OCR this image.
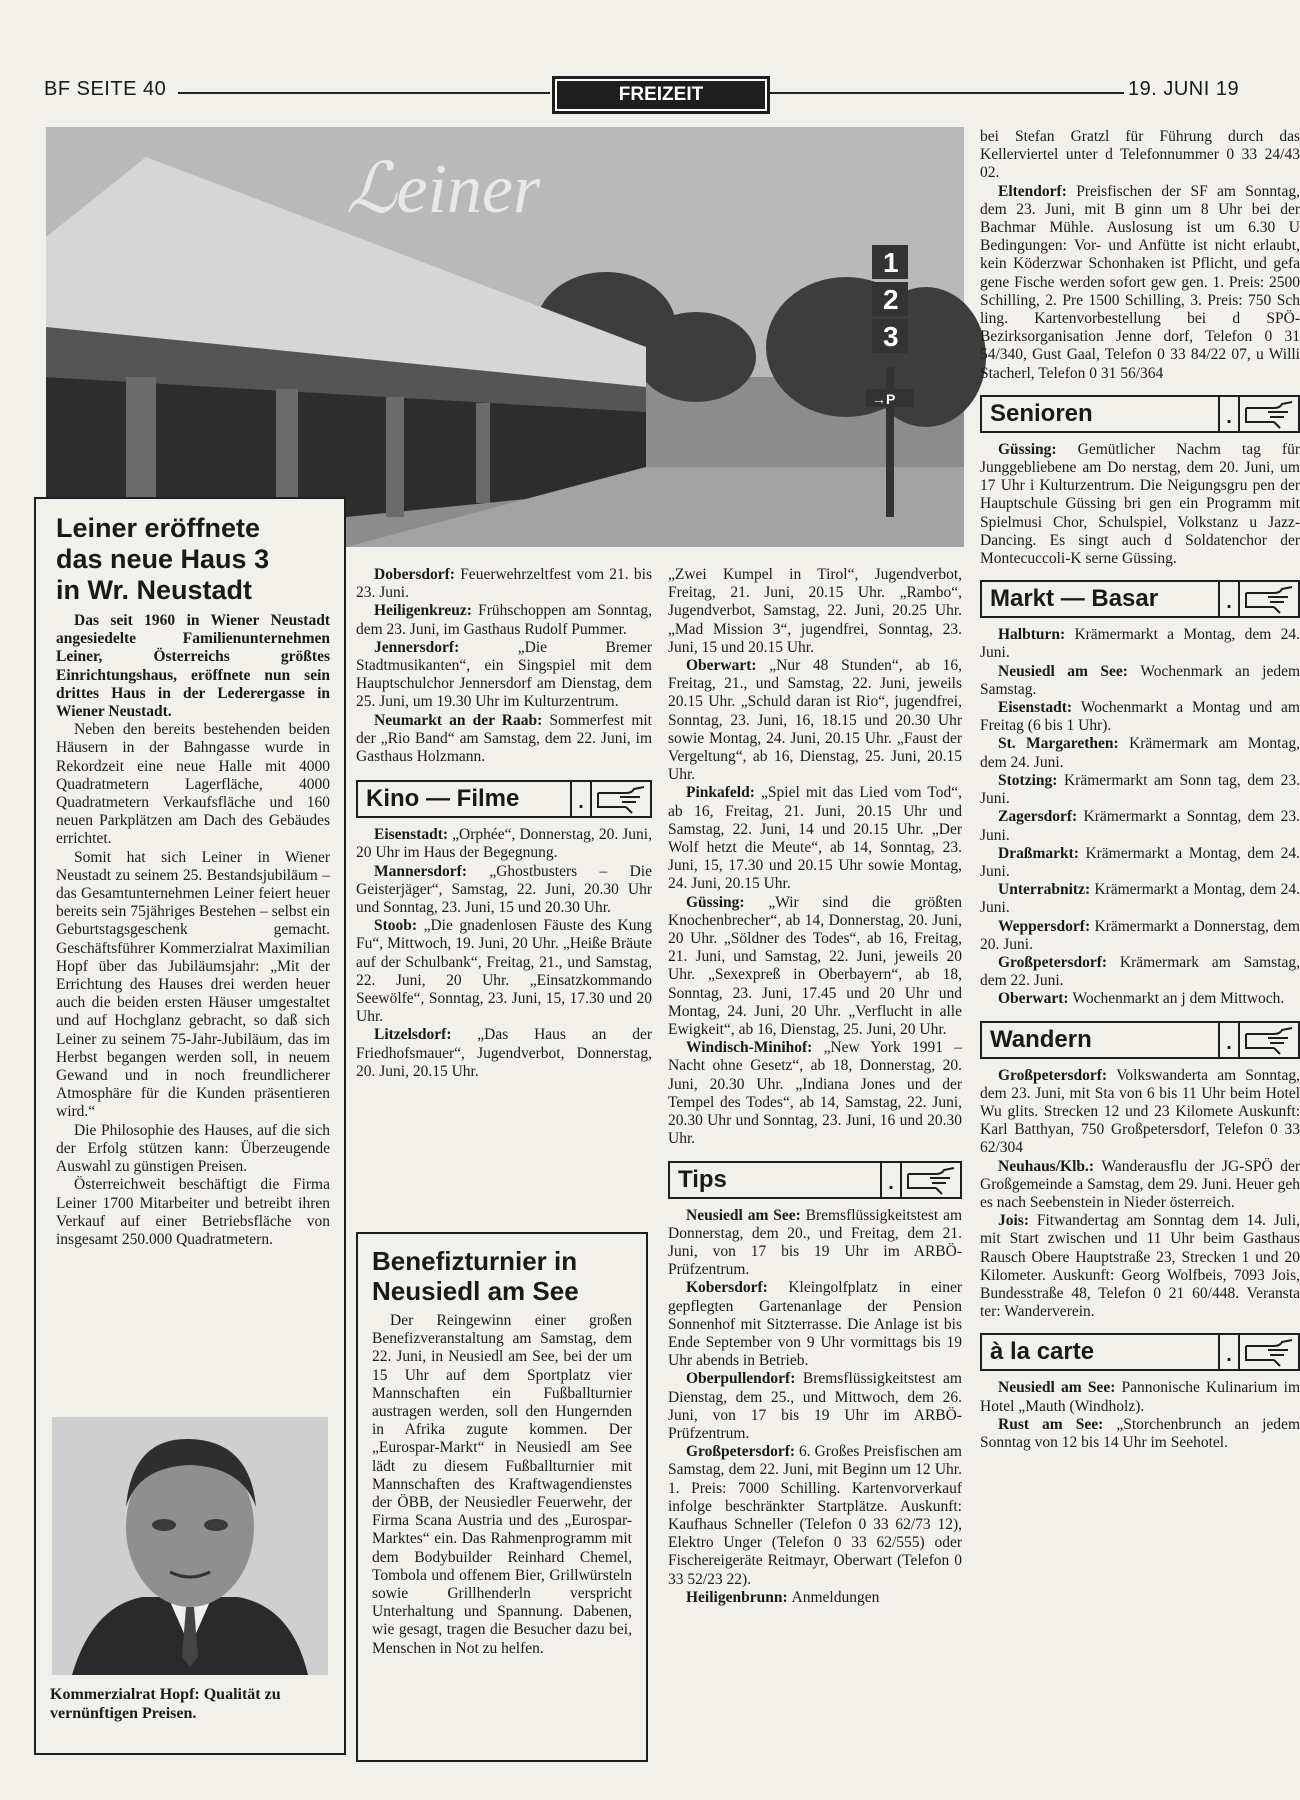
BF SEITE 40	FREIZEIT	19. JUNI 19
ℒeiner
1
2
3
→P
Leiner eröffnete
das neue Haus 3
in Wr. Neustadt

Das seit 1960 in Wiener Neustadt angesiedelte Familienunternehmen Leiner, Österreichs größtes Einrichtungshaus, eröffnete nun sein drittes Haus in der Lederergasse in Wiener Neustadt.

Neben den bereits bestehenden beiden Häusern in der Bahngasse wurde in Rekordzeit eine neue Halle mit 4000 Quadratmetern Lagerfläche, 4000 Quadratmetern Verkaufsfläche und 160 neuen Parkplätzen am Dach des Gebäudes errichtet.

Somit hat sich Leiner in Wiener Neustadt zu seinem 25. Bestandsjubiläum – das Gesamtunternehmen Leiner feiert heuer bereits sein 75jähriges Bestehen – selbst ein Geburtstagsgeschenk gemacht. Geschäftsführer Kommerzialrat Maximilian Hopf über das Jubiläumsjahr: „Mit der Errichtung des Hauses drei werden heuer auch die beiden ersten Häuser umgestaltet und auf Hochglanz gebracht, so daß sich Leiner zu seinem 75-Jahr-Jubiläum, das im Herbst begangen werden soll, in neuem Gewand und in noch freundlicherer Atmosphäre für die Kunden präsentieren wird.“

Die Philosophie des Hauses, auf die sich der Erfolg stützen kann: Überzeugende Auswahl zu günstigen Preisen.

Österreichweit beschäftigt die Firma Leiner 1700 Mitarbeiter und betreibt ihren Verkauf auf einer Betriebsfläche von insgesamt 250.000 Quadratmetern.

Kommerzialrat Hopf: Qualität zu vernünftigen Preisen.

Dobersdorf: Feuerwehrzeltfest vom 21. bis 23. Juni.

Heiligenkreuz: Frühschoppen am Sonntag, dem 23. Juni, im Gasthaus Rudolf Pummer.

Jennersdorf: „Die Bremer Stadtmusikanten“, ein Singspiel mit dem Hauptschulchor Jennersdorf am Dienstag, dem 25. Juni, um 19.30 Uhr im Kulturzentrum.

Neumarkt an der Raab: Sommerfest mit der „Rio Band“ am Samstag, dem 22. Juni, im Gasthaus Holzmann.

Kino — Filme	.

Eisenstadt: „Orphée“, Donnerstag, 20. Juni, 20 Uhr im Haus der Begegnung.

Mannersdorf: „Ghostbusters – Die Geisterjäger“, Samstag, 22. Juni, 20.30 Uhr und Sonntag, 23. Juni, 15 und 20.30 Uhr.

Stoob: „Die gnadenlosen Fäuste des Kung Fu“, Mittwoch, 19. Juni, 20 Uhr. „Heiße Bräute auf der Schulbank“, Freitag, 21., und Samstag, 22. Juni, 20 Uhr. „Einsatzkommando Seewölfe“, Sonntag, 23. Juni, 15, 17.30 und 20 Uhr.

Litzelsdorf: „Das Haus an der Friedhofsmauer“, Jugendverbot, Donnerstag, 20. Juni, 20.15 Uhr.

Benefizturnier in
Neusiedl am See

Der Reingewinn einer großen Benefizveranstaltung am Samstag, dem 22. Juni, in Neusiedl am See, bei der um 15 Uhr auf dem Sportplatz vier Mannschaften ein Fußballturnier austragen werden, soll den Hungernden in Afrika zugute kommen. Der „Eurospar-Markt“ in Neusiedl am See lädt zu diesem Fußballturnier mit Mannschaften des Kraftwagendienstes der ÖBB, der Neusiedler Feuerwehr, der Firma Scana Austria und des „Eurospar-Marktes“ ein. Das Rahmenprogramm mit dem Bodybuilder Reinhard Chemel, Tombola und offenem Bier, Grillwürsteln sowie Grillhenderln verspricht Unterhaltung und Spannung. Dabenen, wie gesagt, tragen die Besucher dazu bei, Menschen in Not zu helfen.

„Zwei Kumpel in Tirol“, Jugendverbot, Freitag, 21. Juni, 20.15 Uhr. „Rambo“, Jugendverbot, Samstag, 22. Juni, 20.25 Uhr. „Mad Mission 3“, jugendfrei, Sonntag, 23. Juni, 15 und 20.15 Uhr.

Oberwart: „Nur 48 Stunden“, ab 16, Freitag, 21., und Samstag, 22. Juni, jeweils 20.15 Uhr. „Schuld daran ist Rio“, jugendfrei, Sonntag, 23. Juni, 16, 18.15 und 20.30 Uhr sowie Montag, 24. Juni, 20.15 Uhr. „Faust der Vergeltung“, ab 16, Dienstag, 25. Juni, 20.15 Uhr.

Pinkafeld: „Spiel mit das Lied vom Tod“, ab 16, Freitag, 21. Juni, 20.15 Uhr und Samstag, 22. Juni, 14 und 20.15 Uhr. „Der Wolf hetzt die Meute“, ab 14, Sonntag, 23. Juni, 15, 17.30 und 20.15 Uhr sowie Montag, 24. Juni, 20.15 Uhr.

Güssing: „Wir sind die größten Knochenbrecher“, ab 14, Donnerstag, 20. Juni, 20 Uhr. „Söldner des Todes“, ab 16, Freitag, 21. Juni, und Samstag, 22. Juni, jeweils 20 Uhr. „Sexexpreß in Oberbayern“, ab 18, Sonntag, 23. Juni, 17.45 und 20 Uhr und Montag, 24. Juni, 20 Uhr. „Verflucht in alle Ewigkeit“, ab 16, Dienstag, 25. Juni, 20 Uhr.

Windisch-Minihof: „New York 1991 – Nacht ohne Gesetz“, ab 18, Donnerstag, 20. Juni, 20.30 Uhr. „Indiana Jones und der Tempel des Todes“, ab 14, Samstag, 22. Juni, 20.30 Uhr und Sonntag, 23. Juni, 16 und 20.30 Uhr.

Tips	.

Neusiedl am See: Bremsflüssigkeitstest am Donnerstag, dem 20., und Freitag, dem 21. Juni, von 17 bis 19 Uhr im ARBÖ-Prüfzentrum.

Kobersdorf: Kleingolfplatz in einer gepflegten Gartenanlage der Pension Sonnenhof mit Sitzterrasse. Die Anlage ist bis Ende September von 9 Uhr vormittags bis 19 Uhr abends in Betrieb.

Oberpullendorf: Bremsflüssigkeitstest am Dienstag, dem 25., und Mittwoch, dem 26. Juni, von 17 bis 19 Uhr im ARBÖ-Prüfzentrum.

Großpetersdorf: 6. Großes Preisfischen am Samstag, dem 22. Juni, mit Beginn um 12 Uhr. 1. Preis: 7000 Schilling. Kartenvorverkauf infolge beschränkter Startplätze. Auskunft: Kaufhaus Schneller (Telefon 0 33 62/73 12), Elektro Unger (Telefon 0 33 62/555) oder Fischereigeräte Reitmayr, Oberwart (Telefon 0 33 52/23 22).

Heiligenbrunn: Anmeldungen

bei Stefan Gratzl für Führung durch das Kellerviertel unter d Telefonnummer 0 33 24/43 02.

Eltendorf: Preisfischen der SF am Sonntag, dem 23. Juni, mit B ginn um 8 Uhr bei der Bachmar Mühle. Auslosung ist um 6.30 U Bedingungen: Vor- und Anfütte ist nicht erlaubt, kein Köderzwar Schonhaken ist Pflicht, und gefa gene Fische werden sofort gew gen. 1. Preis: 2500 Schilling, 2. Pre 1500 Schilling, 3. Preis: 750 Sch ling. Kartenvorbestellung bei d SPÖ-Bezirksorganisation Jenne dorf, Telefon 0 31 54/340, Gust Gaal, Telefon 0 33 84/22 07, u Willi Stacherl, Telefon 0 31 56/364

Senioren	.

Güssing: Gemütlicher Nachm tag für Junggebliebene am Do nerstag, dem 20. Juni, um 17 Uhr i Kulturzentrum. Die Neigungsgru pen der Hauptschule Güssing bri gen ein Programm mit Spielmusi Chor, Schulspiel, Volkstanz u Jazz-Dancing. Es singt auch d Soldatenchor der Montecuccoli-K serne Güssing.

Markt — Basar	.

Halbturn: Krämermarkt a Montag, dem 24. Juni.

Neusiedl am See: Wochenmark an jedem Samstag.

Eisenstadt: Wochenmarkt a Montag und am Freitag (6 bis 1 Uhr).

St. Margarethen: Krämermark am Montag, dem 24. Juni.

Stotzing: Krämermarkt am Sonn tag, dem 23. Juni.

Zagersdorf: Krämermarkt a Sonntag, dem 23. Juni.

Draßmarkt: Krämermarkt a Montag, dem 24. Juni.

Unterrabnitz: Krämermarkt a Montag, dem 24. Juni.

Weppersdorf: Krämermarkt a Donnerstag, dem 20. Juni.

Großpetersdorf: Krämermark am Samstag, dem 22. Juni.

Oberwart: Wochenmarkt an j dem Mittwoch.

Wandern	.

Großpetersdorf: Volkswanderta am Sonntag, dem 23. Juni, mit Sta von 6 bis 11 Uhr beim Hotel Wu glits. Strecken 12 und 23 Kilomete Auskunft: Karl Batthyan, 750 Großpetersdorf, Telefon 0 33 62/304

Neuhaus/Klb.: Wanderausflu der JG-SPÖ der Großgemeinde a Samstag, dem 29. Juni. Heuer geh es nach Seebenstein in Nieder österreich.

Jois: Fitwandertag am Sonntag dem 14. Juli, mit Start zwischen und 11 Uhr beim Gasthaus Rausch Obere Hauptstraße 23, Strecken 1 und 20 Kilometer. Auskunft: Georg Wolfbeis, 7093 Jois, Bundesstraße 48, Telefon 0 21 60/448. Veransta ter: Wanderverein.

à la carte	.

Neusiedl am See: Pannonische Kulinarium im Hotel „Mauth (Windholz).

Rust am See: „Storchenbrunch an jedem Sonntag von 12 bis 14 Uhr im Seehotel.
